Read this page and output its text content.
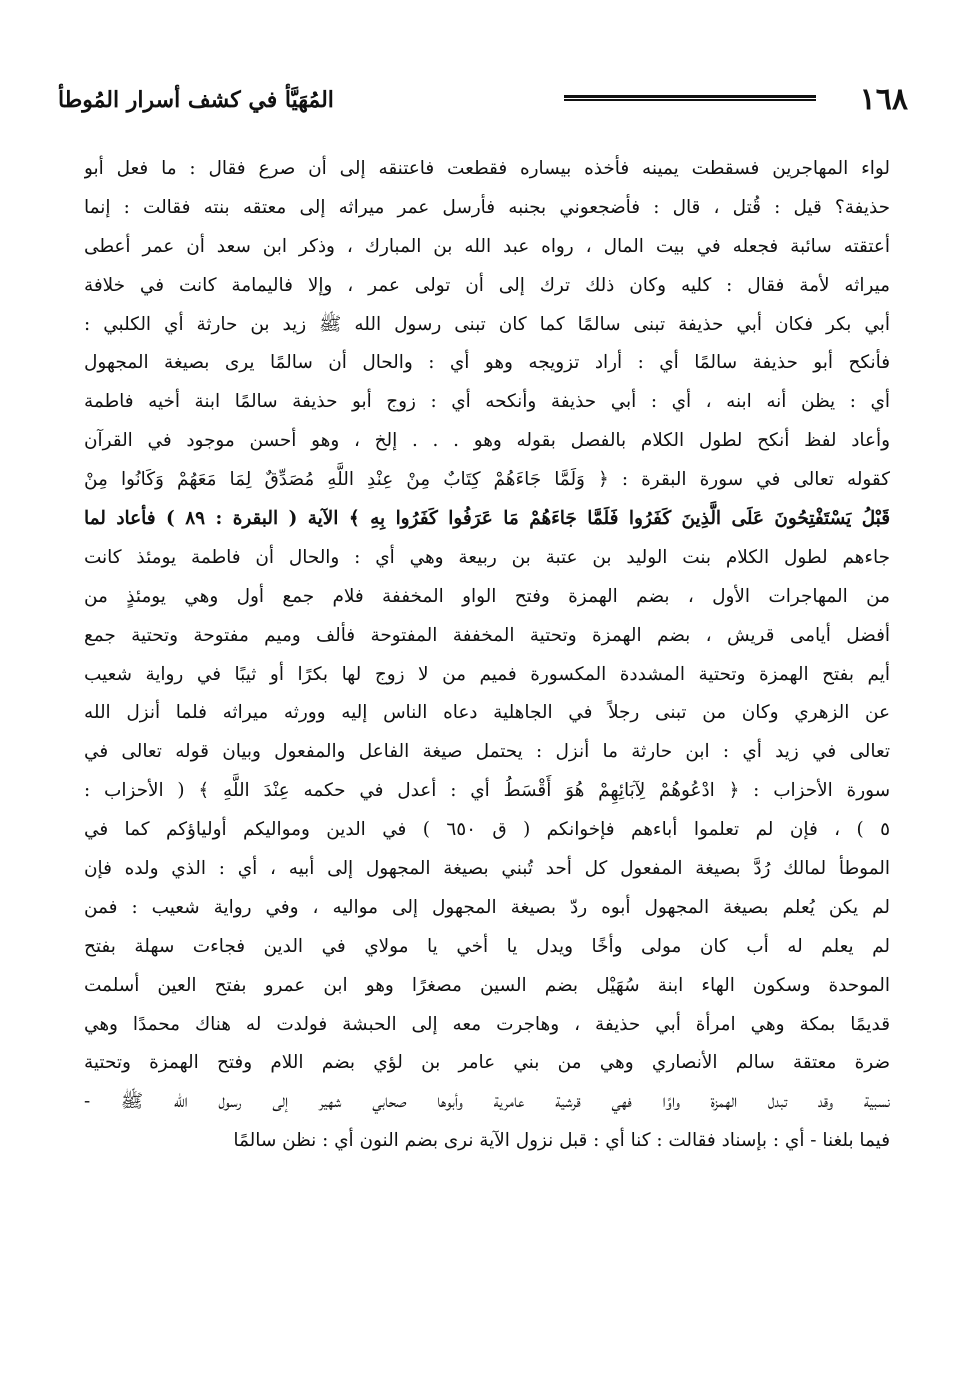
١٦٨
المُهَيَّأ في كشف أسرار المُوطأ
لواء المهاجرين فسقطت يمينه فأخذه بيساره فقطعت فاعتنقه إلى أن صرع فقال : ما فعل أبو
حذيفة؟ قيل : قُتل ، قال : فأضجعوني بجنبه فأرسل عمر ميراثه إلى معتقه بنته فقالت : إنما
أعتقته سائبة فجعله في بيت المال ، رواه عبد الله بن المبارك ، وذكر ابن سعد أن عمر أعطى
ميراثه لأمة فقال : كليه وكان ذلك ترك إلى أن تولى عمر ، وإلا فاليمامة كانت في خلافة
أبي بكر فكان أبي حذيفة تبنى سالمًا كما كان تبنى رسول الله ﷺ زيد بن حارثة أي الكلبي :
فأنكح أبو حذيفة سالمًا أي : أراد تزويجه وهو أي : والحال أن سالمًا يرى بصيغة المجهول
أي : يظن أنه ابنه ، أي : أبي حذيفة وأنكحه أي : زوج أبو حذيفة سالمًا ابنة أخيه فاطمة
وأعاد لفظ أنكح لطول الكلام بالفصل بقوله وهو . . . إلخ ، وهو أحسن موجود في القرآن
كقوله تعالى في سورة البقرة : ﴿ وَلَمَّا جَاءَهُمْ كِتَابٌ مِنْ عِنْدِ اللَّهِ مُصَدِّقٌ لِمَا مَعَهُمْ وَكَانُوا مِنْ
قَبْلُ يَسْتَفْتِحُونَ عَلَى الَّذِينَ كَفَرُوا فَلَمَّا جَاءَهُمْ مَا عَرَفُوا كَفَرُوا بِهِ ﴾ الآية ( البقرة : ٨٩ ) فأعاد لما
جاءهم لطول الكلام بنت الوليد بن عتبة بن ربيعة وهي أي : والحال أن فاطمة يومئذ كانت
من المهاجرات الأول ، بضم الهمزة وفتح الواو المخففة فلام جمع أول وهي يومئذٍ من
أفضل أيامى قريش ، بضم الهمزة وتحتية المخففة المفتوحة فألف وميم مفتوحة وتحتية جمع
أيم بفتح الهمزة وتحتية المشددة المكسورة فميم من لا زوج لها بكرًا أو ثيبًا في رواية شعيب
عن الزهري وكان من تبنى رجلاً في الجاهلية دعاه الناس إليه وورثه ميراثه فلما أنزل الله
تعالى في زيد أي : ابن حارثة ما أنزل : يحتمل صيغة الفاعل والمفعول وبيان قوله تعالى في
سورة الأحزاب : ﴿ ادْعُوهُمْ لِآبَائِهِمْ هُوَ أَقْسَطُ أي : أعدل في حكمه عِنْدَ اللَّهِ ﴾ ( الأحزاب :
٥ ) ، فإن لم تعلموا أباءهم فإخوانكم ( ق ٦٥٠ ) في الدين ومواليكم أولياؤكم كما في
الموطأ لمالك رُدَّ بصيغة المفعول كل أحد تُبني بصيغة المجهول إلى أبيه ، أي : الذي ولده فإن
لم يكن يُعلم بصيغة المجهول أبوه ردّ بصيغة المجهول إلى مواليه ، وفي رواية شعيب : فمن
لم يعلم له أب كان مولى وأخًا ويدل يا أخي يا مولاي في الدين فجاءت سهلة بفتح
الموحدة وسكون الهاء ابنة سُهَيْل بضم السين مصغرًا وهو ابن عمرو بفتح العين أسلمت
قديمًا بمكة وهي امرأة أبي حذيفة ، وهاجرت معه إلى الحبشة فولدت له هناك محمدًا وهي
ضرة معتقة سالم الأنصاري وهي من بني عامر بن لؤي بضم اللام وفتح الهمزة وتحتية
نسبية وقد تبدل الهمزة واوًا فهي قرشية عامرية وأبوها صحابي شهير إلى رسول الله ﷺ -
فيما بلغنا - أي : بإسناد فقالت : كنا أي : قبل نزول الآية نرى بضم النون أي : نظن سالمًا
